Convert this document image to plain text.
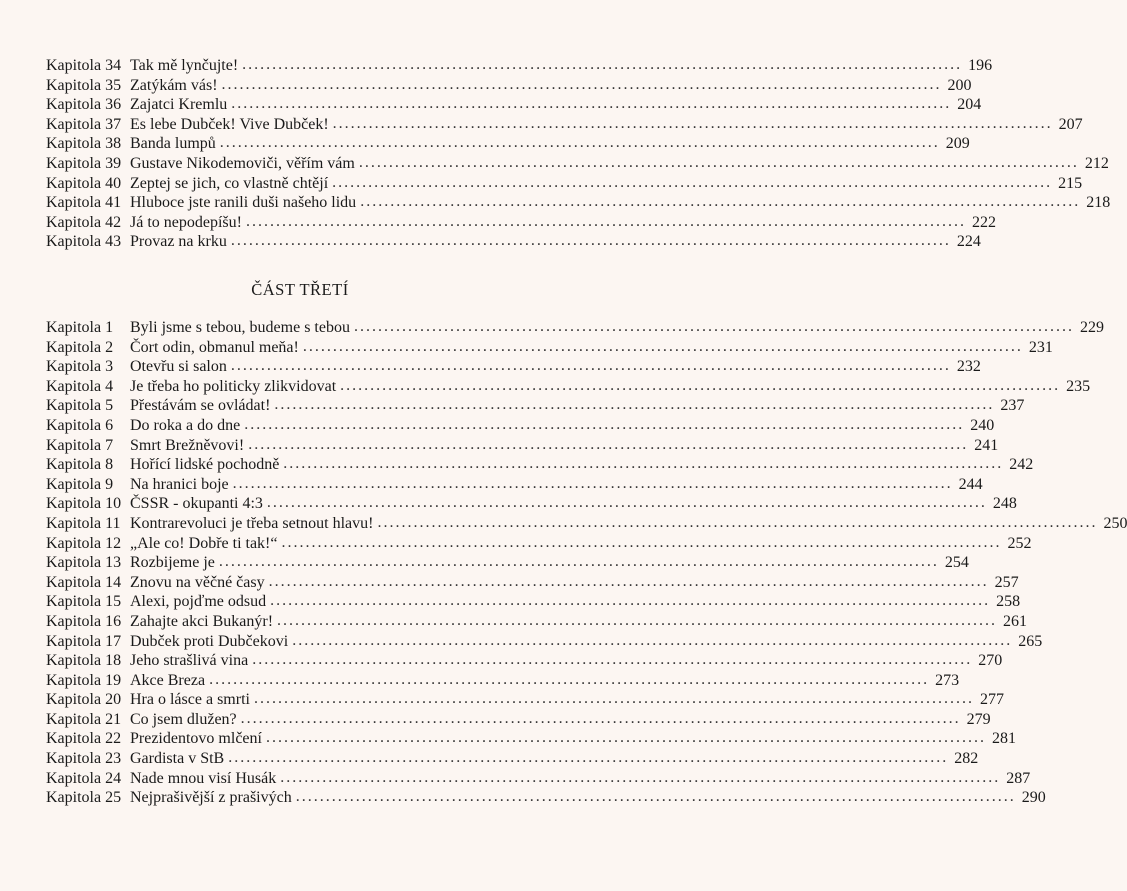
Kapitola 34 Tak mě lynčujte! .....	196
Kapitola 35 Zatýkám vás! .....	200
Kapitola 36 Zajatci Kremlu .....	204
Kapitola 37 Es lebe Dubček! Vive Dubček! .....	207
Kapitola 38 Banda lumpů .....	209
Kapitola 39 Gustave Nikodemoviči, věřím vám .....	212
Kapitola 40 Zeptej se jich, co vlastně chtějí .....	215
Kapitola 41 Hluboce jste ranili duši našeho lidu .....	218
Kapitola 42 Já to nepodepíšu! .....	222
Kapitola 43 Provaz na krku .....	224
ČÁST TŘETÍ
Kapitola 1	Byli jsme s tebou, budeme s tebou .....	229
Kapitola 2	Čort odin, obmanul meňa! .....	231
Kapitola 3	Otevřu si salon .....	232
Kapitola 4	Je třeba ho politicky zlikvidovat .....	235
Kapitola 5	Přestávám se ovládat! .....	237
Kapitola 6	Do roka a do dne .....	240
Kapitola 7	Smrt Brežněvovi! .....	241
Kapitola 8	Hořící lidské pochodně .....	242
Kapitola 9	Na hranici boje .....	244
Kapitola 10 ČSSR - okupanti 4:3 .....	248
Kapitola 11 Kontrarevoluci je třeba setnout hlavu! .....	250
Kapitola 12 „Ale co! Dobře ti tak!“ .....	252
Kapitola 13 Rozbijeme je .....	254
Kapitola 14 Znovu na věčné časy .....	257
Kapitola 15 Alexi, pojďme odsud .....	258
Kapitola 16 Zahajte akci Bukanýr! .....	261
Kapitola 17 Dubček proti Dubčekovi .....	265
Kapitola 18 Jeho strašlivá vina .....	270
Kapitola 19 Akce Breza .....	273
Kapitola 20 Hra o lásce a smrti .....	277
Kapitola 21 Co jsem dlužen? .....	279
Kapitola 22 Prezidentovo mlčení .....	281
Kapitola 23 Gardista v StB .....	282
Kapitola 24 Nade mnou visí Husák .....	287
Kapitola 25 Nejprašivější z prašivých .....	290
